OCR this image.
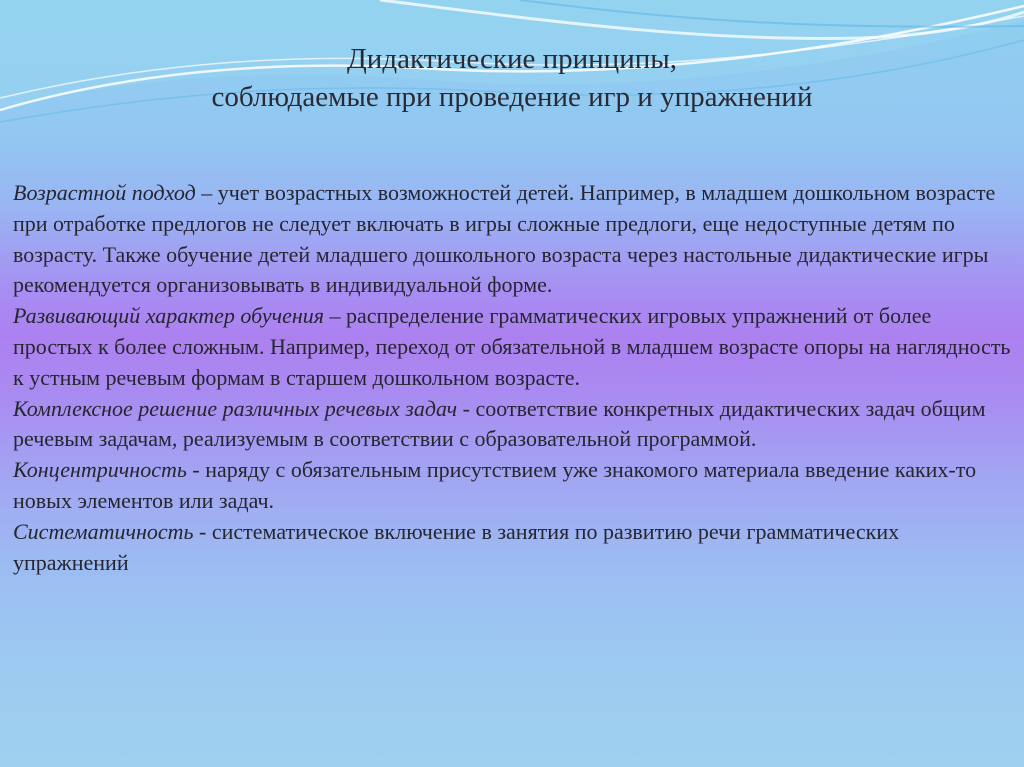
Дидактические принципы,
соблюдаемые при проведение игр и упражнений

Возрастной подход – учет возрастных возможностей детей. Например, в младшем дошкольном возрасте при отработке предлогов не следует включать в игры сложные предлоги, еще недоступные детям по возрасту. Также обучение детей младшего дошкольного возраста через настольные дидактические игры рекомендуется организовывать в индивидуальной форме.

Развивающий характер обучения – распределение грамматических игровых упражнений от более простых к более сложным. Например, переход от обязательной в младшем возрасте опоры на наглядность к устным речевым формам в старшем дошкольном возрасте.

Комплексное решение различных речевых задач - соответствие конкретных дидактических задач общим речевым задачам, реализуемым в соответствии с образовательной программой.

Концентричность - наряду с обязательным присутствием уже знакомого материала введение каких-то новых элементов или задач.

Систематичность - систематическое включение в занятия по развитию речи грамматических упражнений
